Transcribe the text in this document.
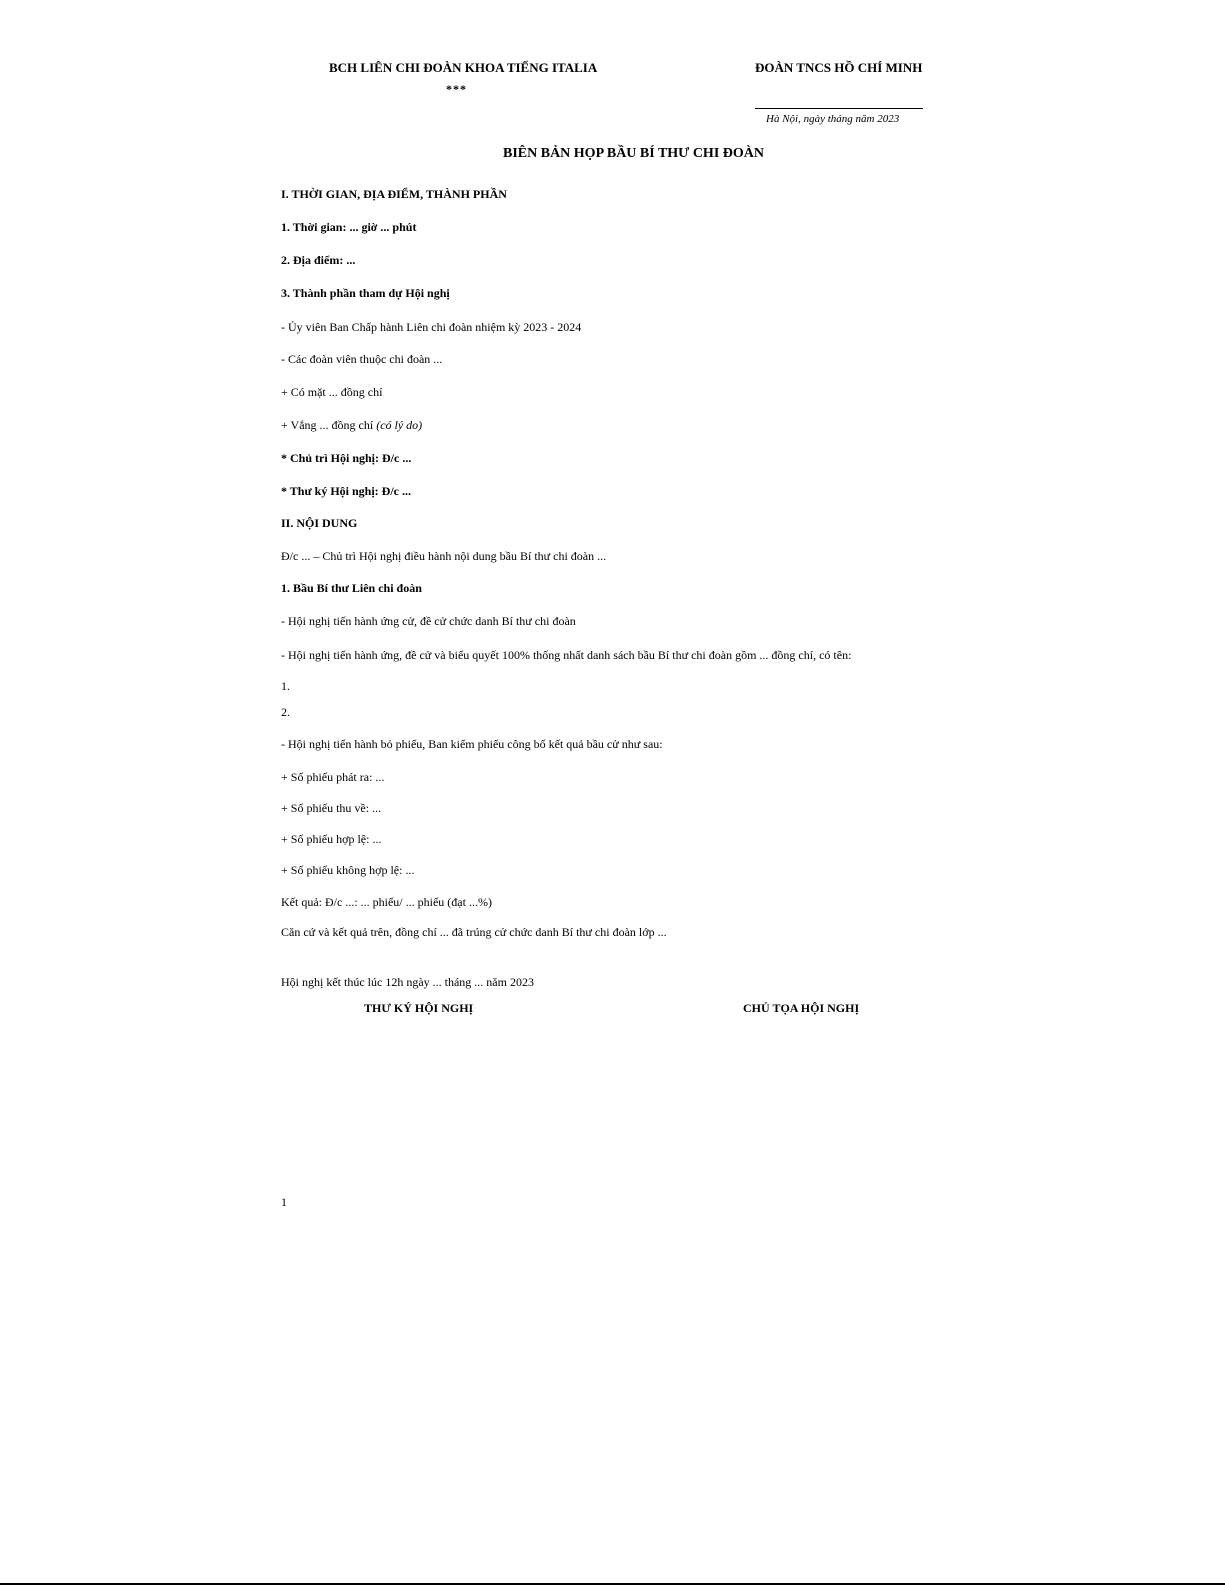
BCH LIÊN CHI ĐOÀN KHOA TIẾNG ITALIA
***
ĐOÀN TNCS HỒ CHÍ MINH
Hà Nội, ngày tháng năm 2023
BIÊN BẢN HỌP BẦU BÍ THƯ CHI ĐOÀN
I. THỜI GIAN, ĐỊA ĐIỂM, THÀNH PHẦN
1. Thời gian: ... giờ ... phút
2. Địa điểm: ...
3. Thành phần tham dự Hội nghị
- Ủy viên Ban Chấp hành Liên chi đoàn nhiệm kỳ 2023 - 2024
- Các đoàn viên thuộc chi đoàn ...
+ Có mặt ... đồng chí
+ Vắng ... đồng chí (có lý do)
* Chủ trì Hội nghị: Đ/c ...
* Thư ký Hội nghị: Đ/c ...
II. NỘI DUNG
Đ/c ... – Chủ trì Hội nghị điều hành nội dung bầu Bí thư chi đoàn ...
1. Bầu Bí thư Liên chi đoàn
- Hội nghị tiến hành ứng cử, đề cử chức danh Bí thư chi đoàn
- Hội nghị tiến hành ứng, đề cử và biểu quyết 100% thống nhất danh sách bầu Bí thư chi đoàn gồm ... đồng chí, có tên:
1.
2.
- Hội nghị tiến hành bỏ phiếu, Ban kiểm phiếu công bố kết quả bầu cử như sau:
+ Số phiếu phát ra: ...
+ Số phiếu thu về: ...
+ Số phiếu hợp lệ: ...
+ Số phiếu không hợp lệ: ...
Kết quả: Đ/c ...: ... phiếu/ ... phiếu (đạt ...%)
Căn cứ và kết quả trên, đồng chí ... đã trúng cử chức danh Bí thư chi đoàn lớp ...
Hội nghị kết thúc lúc 12h ngày ... tháng ... năm 2023
THƯ KÝ HỘI NGHỊ	CHỦ TỌA HỘI NGHỊ
1
